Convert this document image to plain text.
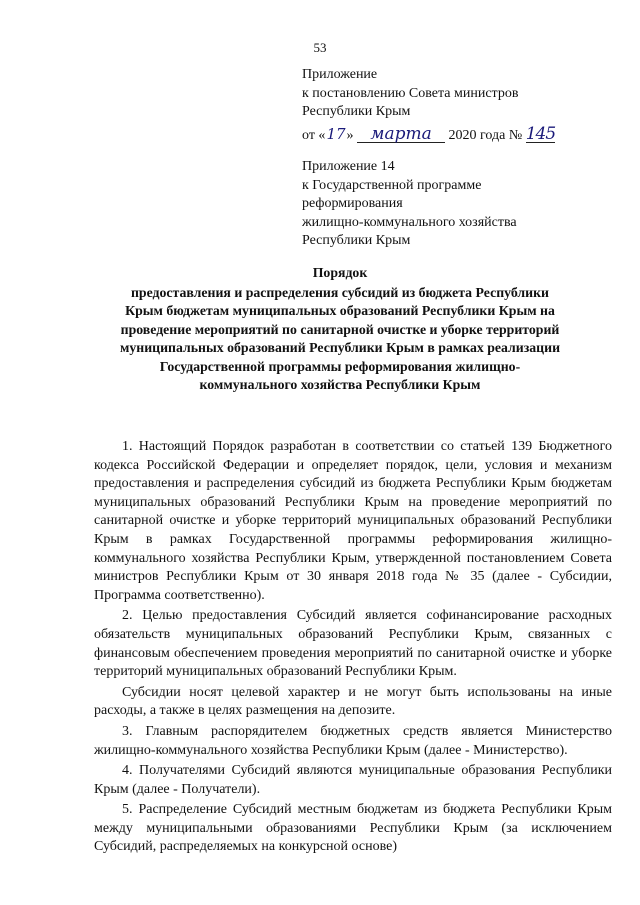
53
Приложение
к постановлению Совета министров
Республики Крым
от «17» марта 2020 года № 145
Приложение 14
к Государственной программе
реформирования
жилищно-коммунального хозяйства
Республики Крым
Порядок
предоставления и распределения субсидий из бюджета Республики
Крым бюджетам муниципальных образований Республики Крым на
проведение мероприятий по санитарной очистке и уборке территорий
муниципальных образований Республики Крым в рамках реализации
Государственной программы реформирования жилищно-
коммунального хозяйства Республики Крым

1. Настоящий Порядок разработан в соответствии со статьей 139 Бюджетного кодекса Российской Федерации и определяет порядок, цели, условия и механизм предоставления и распределения субсидий из бюджета Республики Крым бюджетам муниципальных образований Республики Крым на проведение мероприятий по санитарной очистке и уборке территорий муниципальных образований Республики Крым в рамках Государственной программы реформирования жилищно-коммунального хозяйства Республики Крым, утвержденной постановлением Совета министров Республики Крым от 30 января 2018 года № 35 (далее - Субсидии, Программа соответственно).

2. Целью предоставления Субсидий является софинансирование расходных обязательств муниципальных образований Республики Крым, связанных с финансовым обеспечением проведения мероприятий по санитарной очистке и уборке территорий муниципальных образований Республики Крым.

Субсидии носят целевой характер и не могут быть использованы на иные расходы, а также в целях размещения на депозите.

3. Главным распорядителем бюджетных средств является Министерство жилищно-коммунального хозяйства Республики Крым (далее - Министерство).

4. Получателями Субсидий являются муниципальные образования Республики Крым (далее - Получатели).

5. Распределение Субсидий местным бюджетам из бюджета Республики Крым между муниципальными образованиями Республики Крым (за исключением Субсидий, распределяемых на конкурсной основе)
